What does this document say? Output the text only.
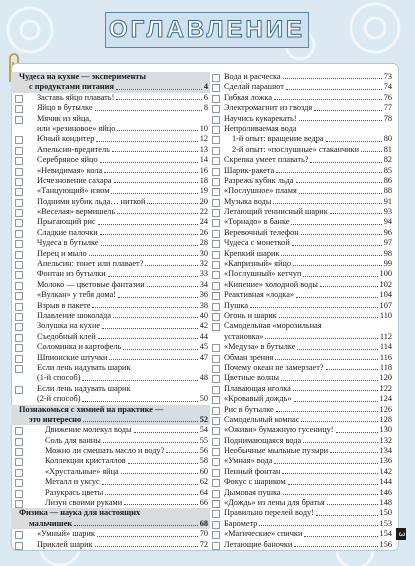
ОГЛАВЛЕНИЕ
Чудеса на кухне — эксперименты
с продуктами питания	4
Заставь яйцо плавать!	6
Яйцо в бутылке	8
Мячик из яйца,
или «резиновое» яйцо	10
Юный кондитер	12
Апельсин-вредитель	13
Серебряное яйцо	14
«Невидимая» кола	16
Исчезновение сахара	18
«Танцующий» изюм	19
Подними кубик льда… ниткой	20
«Веселая» вермишель	22
Прыгающий рис	24
Сладкие палочки	26
Чудеса в бутылке	28
Перец и мыло	30
Апельсин: тонет или плавает?	32
Фонтан из бутылки	33
Молоко — цветовые фантазии	34
«Вулкан» у тебя дома!	36
Взрыв в пакете	38
Плавление шоколада	40
Золушка на кухне	42
Съедобный клей	44
Соломинка и картофель	45
Шпионские штучки	47
Если лень надувать шарик
(1-й способ)	48
Если лень надувать шарик
(2-й способ)	50
Познакомься с химией на практике —
это интересно	52
Движение молекул воды	54
Соль для ванны	55
Можно ли смешать масло и воду?	56
Коллекции кристаллов	58
«Хрустальные» яйца	60
Металл и уксус	62
Разукрась цветы	64
Лизун своими руками	66
Физика — наука для настоящих
мальчишек	68
«Умный» шарик	70
Приклей шарик	72
Вода и расческа	73
Сделай парашют	74
Гибкая ложка	76
Электромагнит из гвоздя	77
Научись кукарекать!	78
Непроливаемая вода
1-й опыт: вращение ведра	80
2-й опыт: «послушные» стаканчики	81
Скрепка умеет плавать?	82
Шарик-ракета	85
Разрежь кубик льда	86
«Послушное» пламя	88
Музыка воды	91
Летающий теннисный шарик	93
«Торнадо» в банке	94
Веревочный телефон	96
Чудеса с монеткой	97
Крепкий шарик	98
«Капризный» яйцо	99
«Послушный» кетчуп	100
«Кипение» холодной воды	102
Реактивная «лодка»	104
Пушка	107
Огонь и шарик	110
Самодельная «морозильная
установка»	112
«Медуза» в бутылке	114
Обман зрения	116
Почему океан не замерзает?	118
Цветные волны	120
Плавающая иголка	122
«Кровавый дождь»	124
Рис в бутылке	126
Самодельный компас	128
«Оживи» бумажную гусеницу!	130
Поднимающаяся вода	132
Необычные мыльные пузыри	134
«Умная» вода	136
Пенный фонтан	142
Фокус с шариком	144
Дымовая пушка	146
«Дождь» из лены для братья	148
Правильно перелей воду!	150
Барометр	153
«Магические» спички	154
Летающие баночки	156
3
